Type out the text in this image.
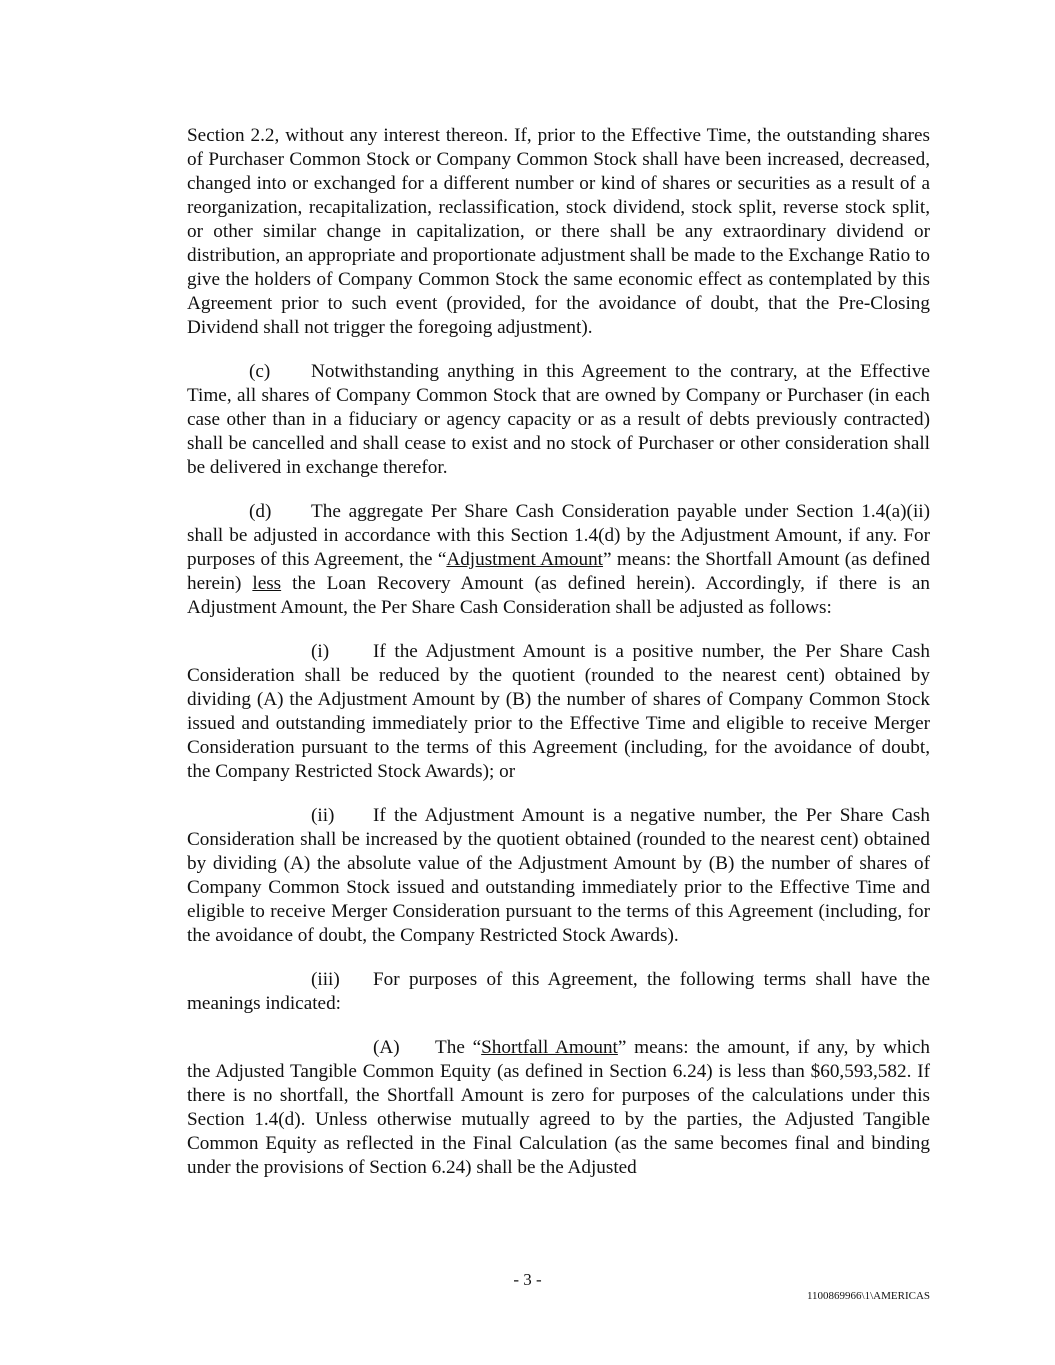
Section 2.2, without any interest thereon. If, prior to the Effective Time, the outstanding shares of Purchaser Common Stock or Company Common Stock shall have been increased, decreased, changed into or exchanged for a different number or kind of shares or securities as a result of a reorganization, recapitalization, reclassification, stock dividend, stock split, reverse stock split, or other similar change in capitalization, or there shall be any extraordinary dividend or distribution, an appropriate and proportionate adjustment shall be made to the Exchange Ratio to give the holders of Company Common Stock the same economic effect as contemplated by this Agreement prior to such event (provided, for the avoidance of doubt, that the Pre-Closing Dividend shall not trigger the foregoing adjustment).

(c) Notwithstanding anything in this Agreement to the contrary, at the Effective Time, all shares of Company Common Stock that are owned by Company or Purchaser (in each case other than in a fiduciary or agency capacity or as a result of debts previously contracted) shall be cancelled and shall cease to exist and no stock of Purchaser or other consideration shall be delivered in exchange therefor.

(d) The aggregate Per Share Cash Consideration payable under Section 1.4(a)(ii) shall be adjusted in accordance with this Section 1.4(d) by the Adjustment Amount, if any. For purposes of this Agreement, the “Adjustment Amount” means: the Shortfall Amount (as defined herein) less the Loan Recovery Amount (as defined herein). Accordingly, if there is an Adjustment Amount, the Per Share Cash Consideration shall be adjusted as follows:

(i) If the Adjustment Amount is a positive number, the Per Share Cash Consideration shall be reduced by the quotient (rounded to the nearest cent) obtained by dividing (A) the Adjustment Amount by (B) the number of shares of Company Common Stock issued and outstanding immediately prior to the Effective Time and eligible to receive Merger Consideration pursuant to the terms of this Agreement (including, for the avoidance of doubt, the Company Restricted Stock Awards); or

(ii) If the Adjustment Amount is a negative number, the Per Share Cash Consideration shall be increased by the quotient obtained (rounded to the nearest cent) obtained by dividing (A) the absolute value of the Adjustment Amount by (B) the number of shares of Company Common Stock issued and outstanding immediately prior to the Effective Time and eligible to receive Merger Consideration pursuant to the terms of this Agreement (including, for the avoidance of doubt, the Company Restricted Stock Awards).

(iii) For purposes of this Agreement, the following terms shall have the meanings indicated:

(A) The “Shortfall Amount” means: the amount, if any, by which the Adjusted Tangible Common Equity (as defined in Section 6.24) is less than $60,593,582. If there is no shortfall, the Shortfall Amount is zero for purposes of the calculations under this Section 1.4(d). Unless otherwise mutually agreed to by the parties, the Adjusted Tangible Common Equity as reflected in the Final Calculation (as the same becomes final and binding under the provisions of Section 6.24) shall be the Adjusted

- 3 -
1100869966\1\AMERICAS
